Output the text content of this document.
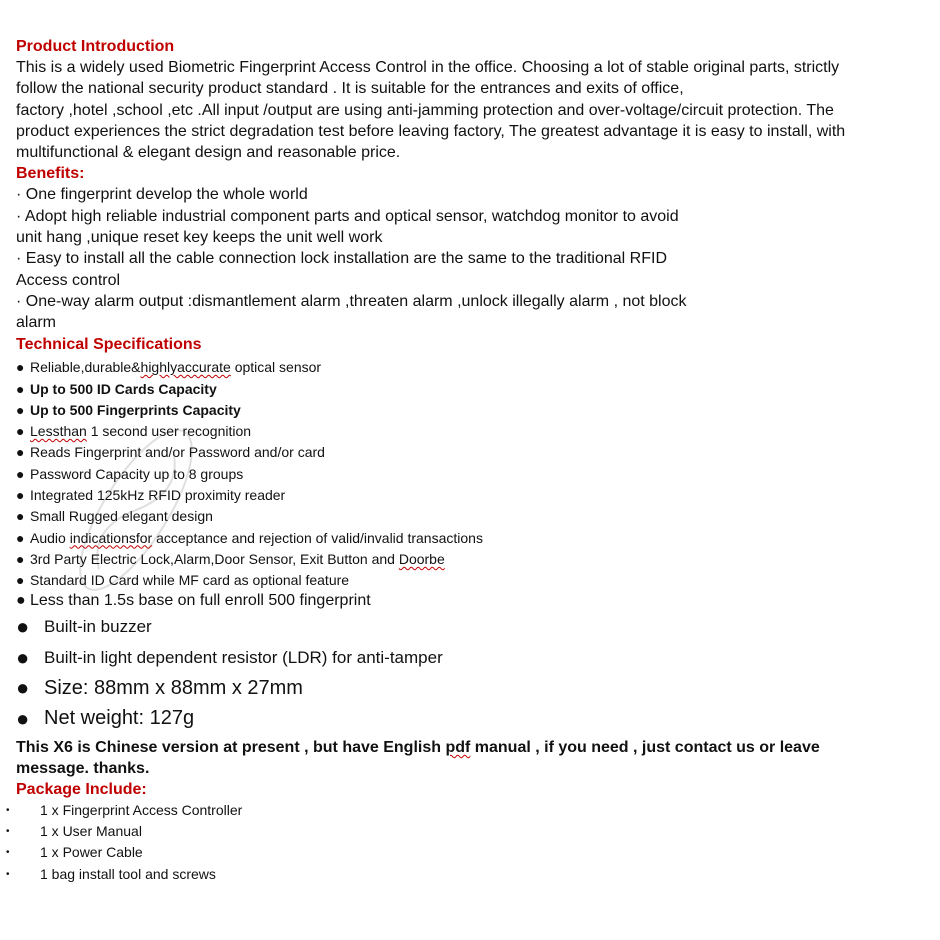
Product Introduction
This is a widely used Biometric Fingerprint Access Control in the office. Choosing a lot of stable original parts, strictly
follow the national security product standard . It is suitable for the entrances and exits of office,
factory ,hotel ,school ,etc .All input /output are using anti-jamming protection and over-voltage/circuit protection. The
product experiences the strict degradation test before leaving factory, The greatest advantage it is easy to install, with
multifunctional & elegant design and reasonable price.
Benefits:
· One fingerprint develop the whole world
· Adopt high reliable industrial component parts and optical sensor, watchdog monitor to avoid
unit hang ,unique reset key keeps the unit well work
· Easy to install all the cable connection lock installation are the same to the traditional RFID
Access control
· One-way alarm output :dismantlement alarm ,threaten alarm ,unlock illegally alarm , not block
alarm
Technical Specifications
● Reliable,durable&highlyaccurate optical sensor
● Up to 500 ID Cards Capacity
● Up to 500 Fingerprints Capacity
● Lessthan 1 second user recognition
● Reads Fingerprint and/or Password and/or card
● Password Capacity up to 8 groups
● Integrated 125kHz RFID proximity reader
● Small Rugged elegant design
● Audio indicationsfor acceptance and rejection of valid/invalid transactions
● 3rd Party Electric Lock,Alarm,Door Sensor, Exit Button and Doorbe
● Standard ID Card while MF card as optional feature
● Less than 1.5s base on full enroll 500 fingerprint
● Built-in buzzer
● Built-in light dependent resistor (LDR) for anti-tamper
● Size: 88mm x 88mm x 27mm
● Net weight: 127g
This X6 is Chinese version at present , but have English pdf manual , if you need , just contact us or leave
message. thanks.
Package Include:
• 1 x Fingerprint Access Controller
• 1 x User Manual
• 1 x Power Cable
• 1 bag install tool and screws
